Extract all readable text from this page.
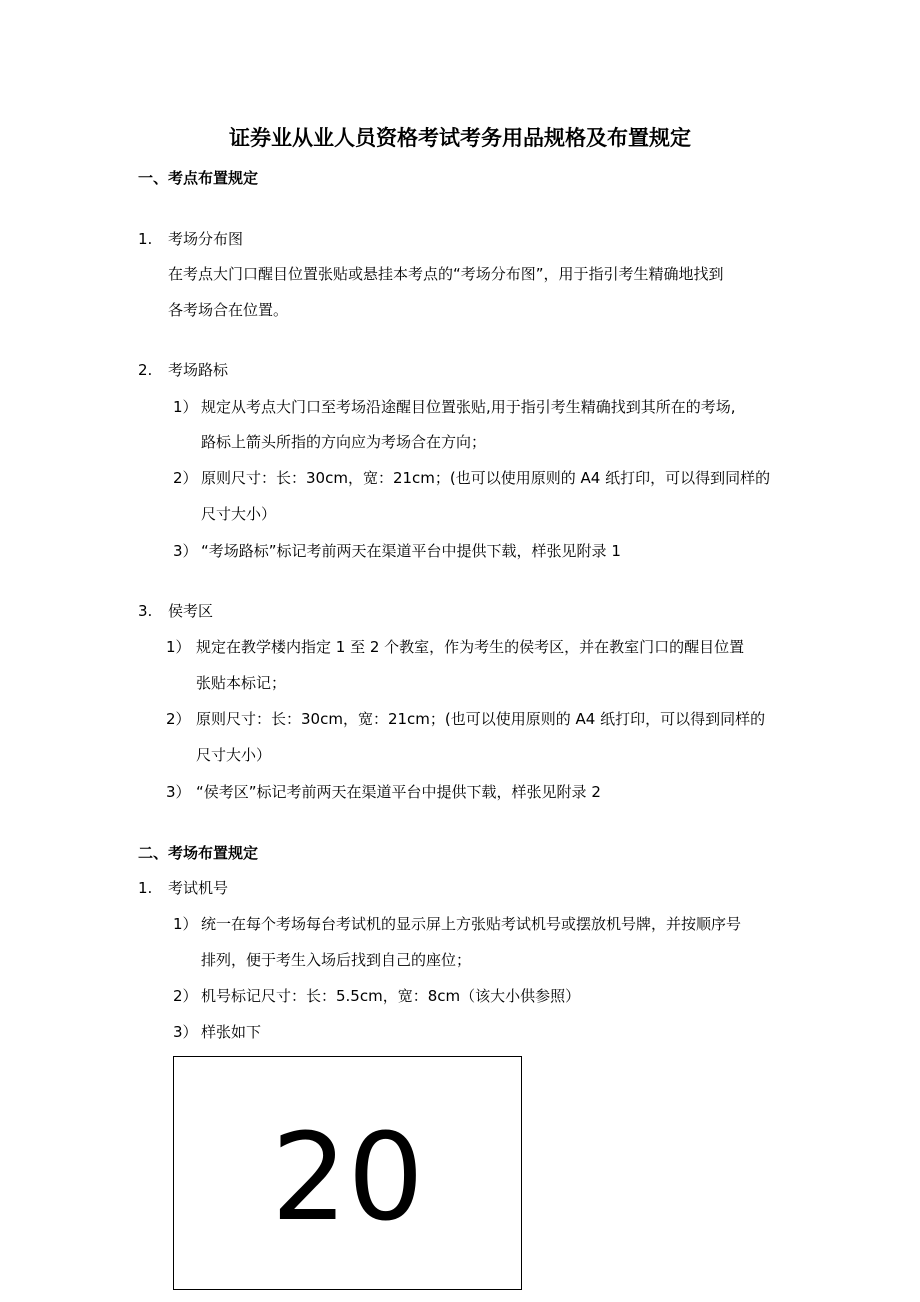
证券业从业人员资格考试考务用品规格及布置规定
一、考点布置规定
1. 考场分布图
在考点大门口醒目位置张贴或悬挂本考点的“考场分布图”，用于指引考生精确地找到
各考场合在位置。
2. 考场路标
1） 规定从考点大门口至考场沿途醒目位置张贴,用于指引考生精确找到其所在的考场,
路标上箭头所指的方向应为考场合在方向；
2） 原则尺寸：长：30cm，宽：21cm；(也可以使用原则的 A4 纸打印，可以得到同样的
尺寸大小）
3） “考场路标”标记考前两天在渠道平台中提供下载，样张见附录 1
3. 侯考区
1） 规定在教学楼内指定 1 至 2 个教室，作为考生的侯考区，并在教室门口的醒目位置
张贴本标记；
2） 原则尺寸：长：30cm，宽：21cm；(也可以使用原则的 A4 纸打印，可以得到同样的
尺寸大小）
3） “侯考区”标记考前两天在渠道平台中提供下载，样张见附录 2
二、考场布置规定
1. 考试机号
1） 统一在每个考场每台考试机的显示屏上方张贴考试机号或摆放机号牌，并按顺序号
排列，便于考生入场后找到自己的座位；
2） 机号标记尺寸：长：5.5cm，宽：8cm（该大小供参照）
3） 样张如下
20
